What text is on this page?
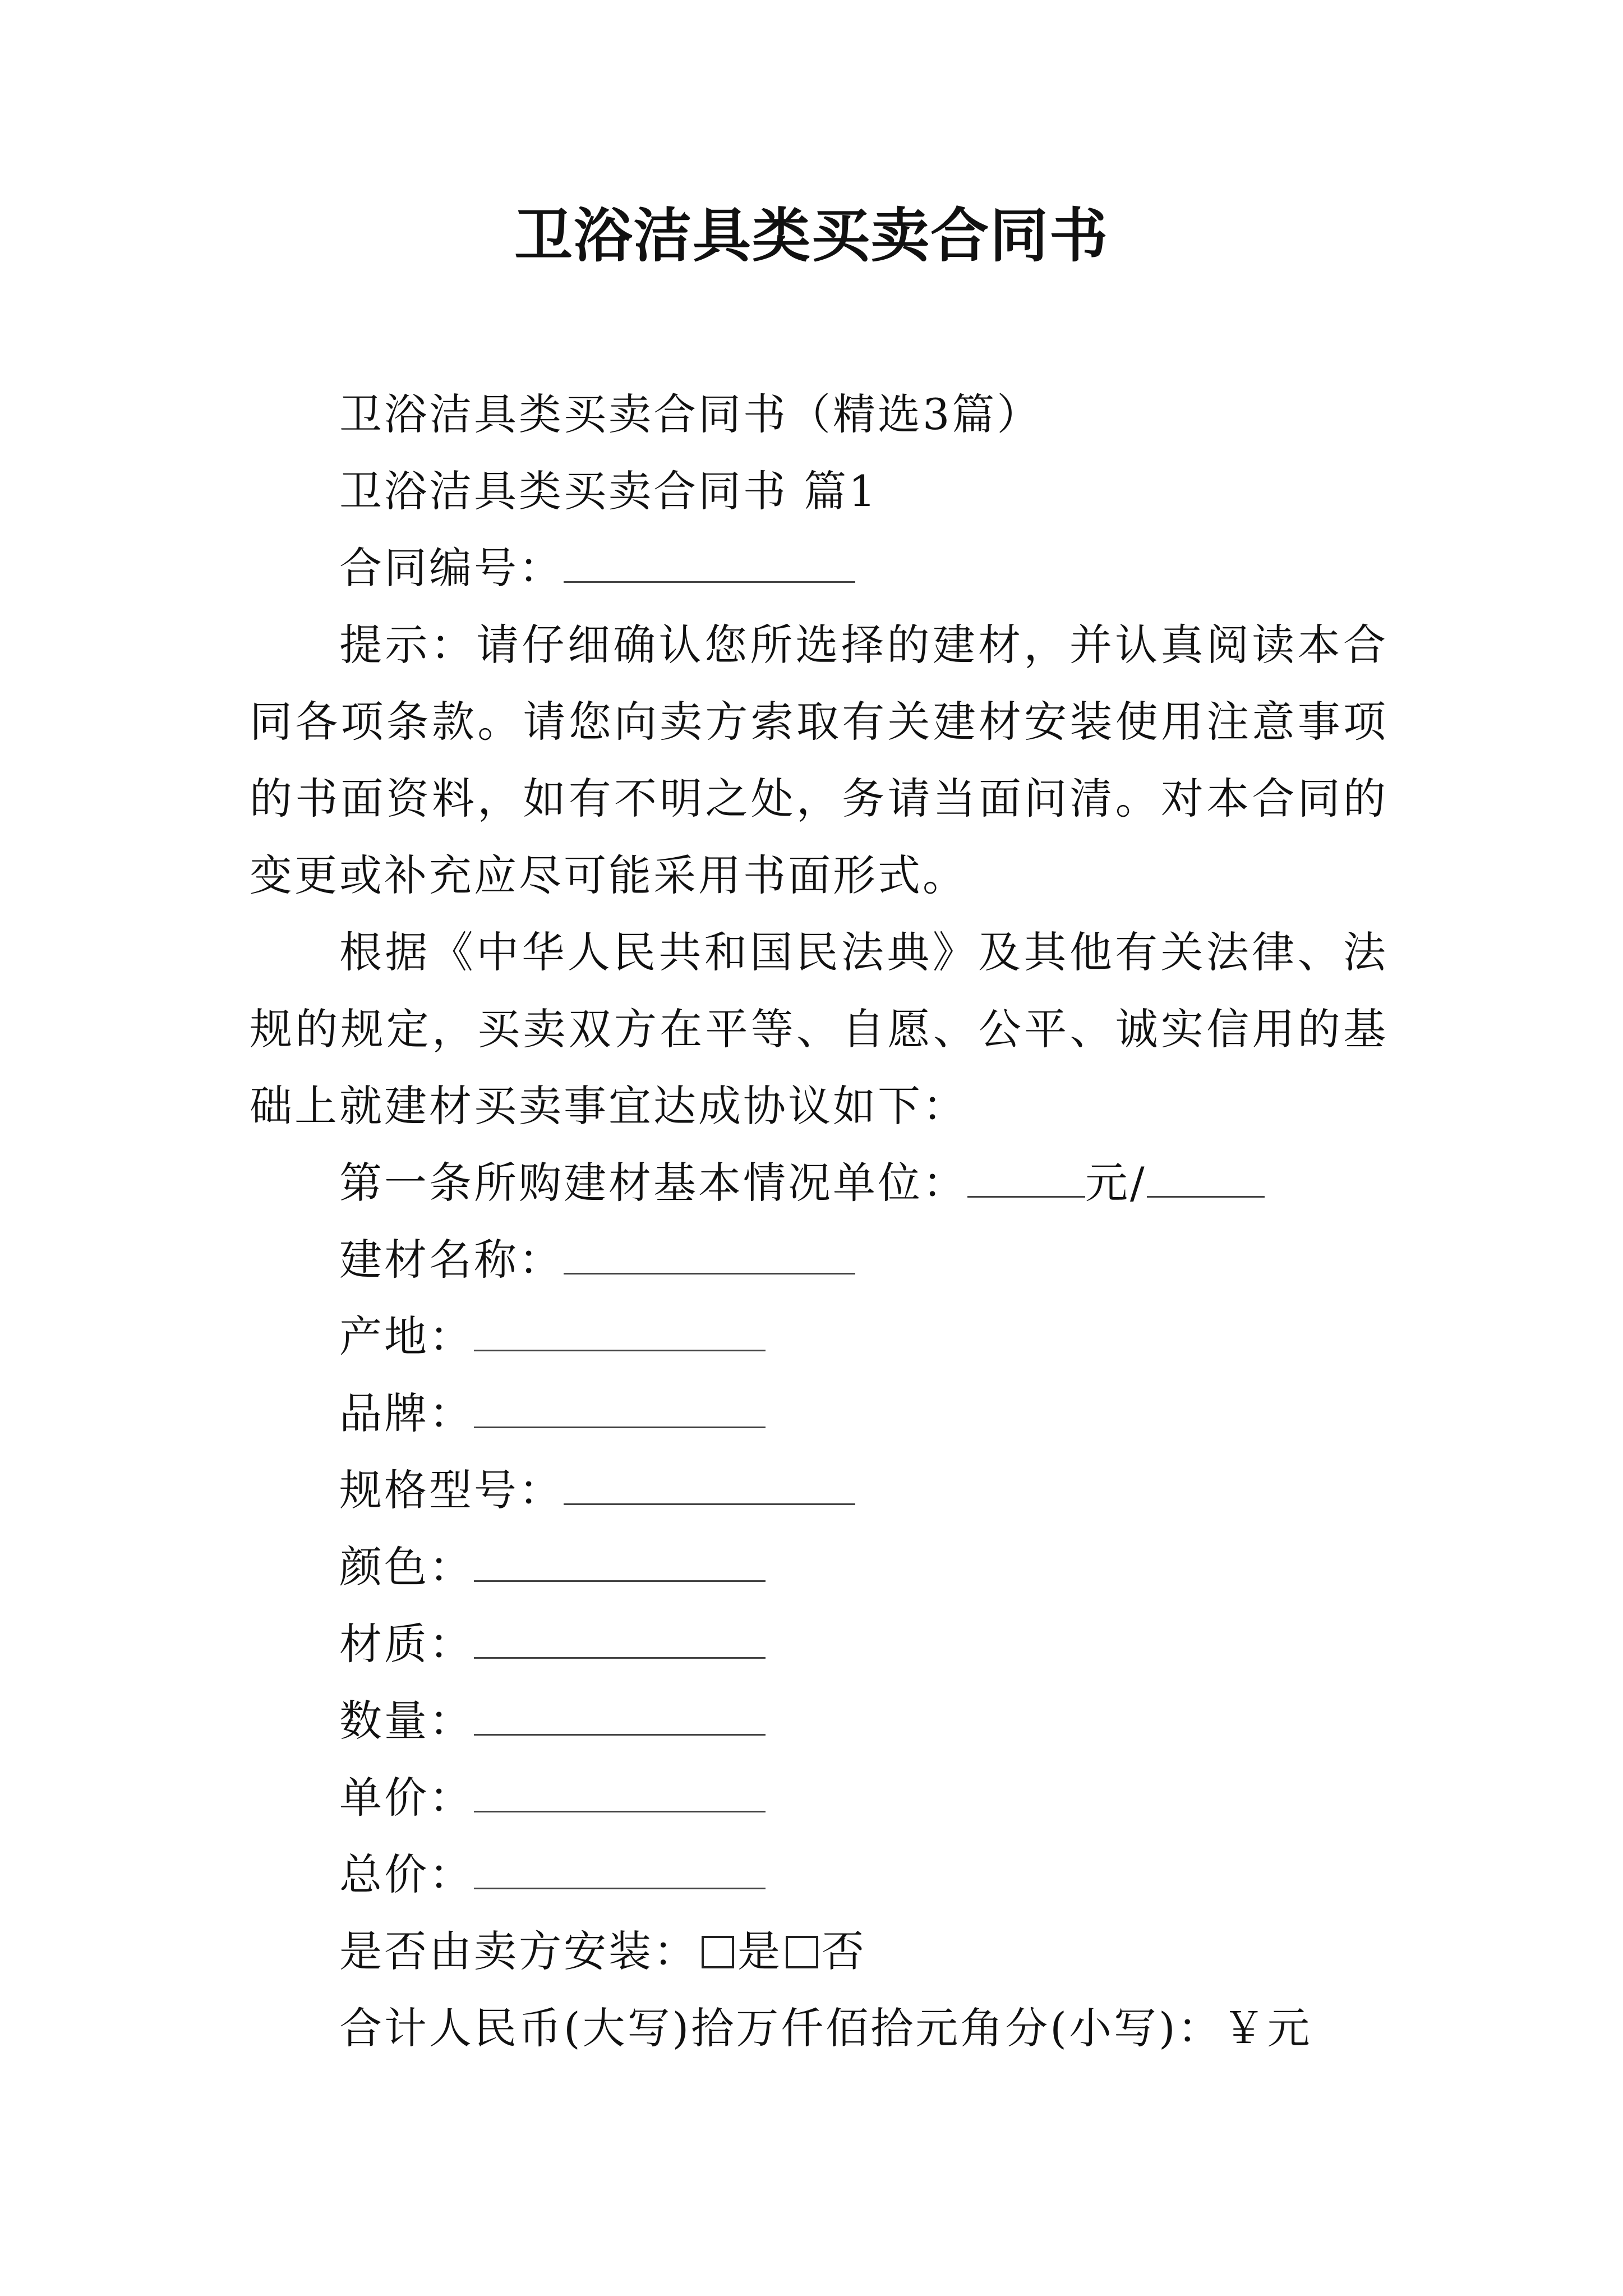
卫浴洁具类买卖合同书

卫浴洁具类买卖合同书（精选3篇）

卫浴洁具类买卖合同书 篇1

合同编号：

提示：请仔细确认您所选择的建材，并认真阅读本合同各项条款。请您向卖方索取有关建材安装使用注意事项的书面资料，如有不明之处，务请当面问清。对本合同的变更或补充应尽可能采用书面形式。

根据《中华人民共和国民法典》及其他有关法律、法规的规定，买卖双方在平等、自愿、公平、诚实信用的基础上就建材买卖事宜达成协议如下：

第一条所购建材基本情况单位：	元/

建材名称：

产地：

品牌：

规格型号：

颜色：

材质：

数量：

单价：

总价：

是否由卖方安装： 是 否

合计人民币(大写)拾万仟佰拾元角分(小写)：￥元
